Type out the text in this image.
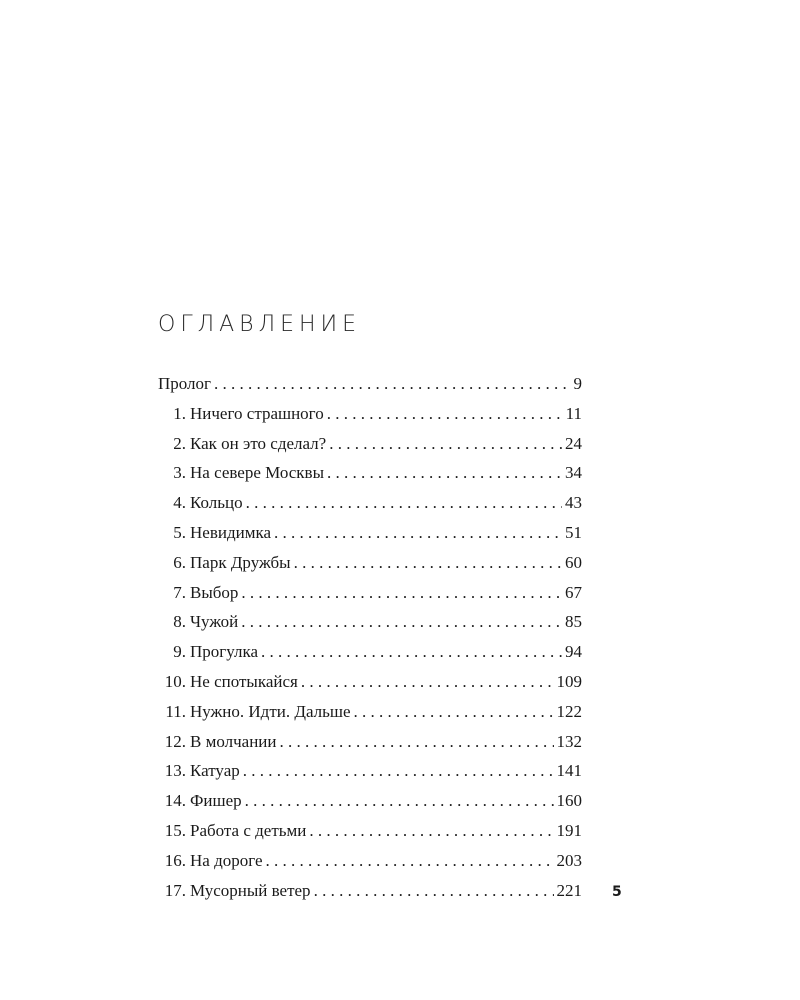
ОГЛАВЛЕНИЕ
Пролог . . .	9
1. Ничего страшного . . .	11
2. Как он это сделал? . . .	24
3. На севере Москвы . . .	34
4. Кольцо . . .	43
5. Невидимка . . .	51
6. Парк Дружбы . . .	60
7. Выбор . . .	67
8. Чужой . . .	85
9. Прогулка . . .	94
10. Не спотыкайся . . .	109
11. Нужно. Идти. Дальше . . .	122
12. В молчании . . .	132
13. Катуар . . .	141
14. Фишер . . .	160
15. Работа с детьми . . .	191
16. На дороге . . .	203
17. Мусорный ветер . . .	221 5
